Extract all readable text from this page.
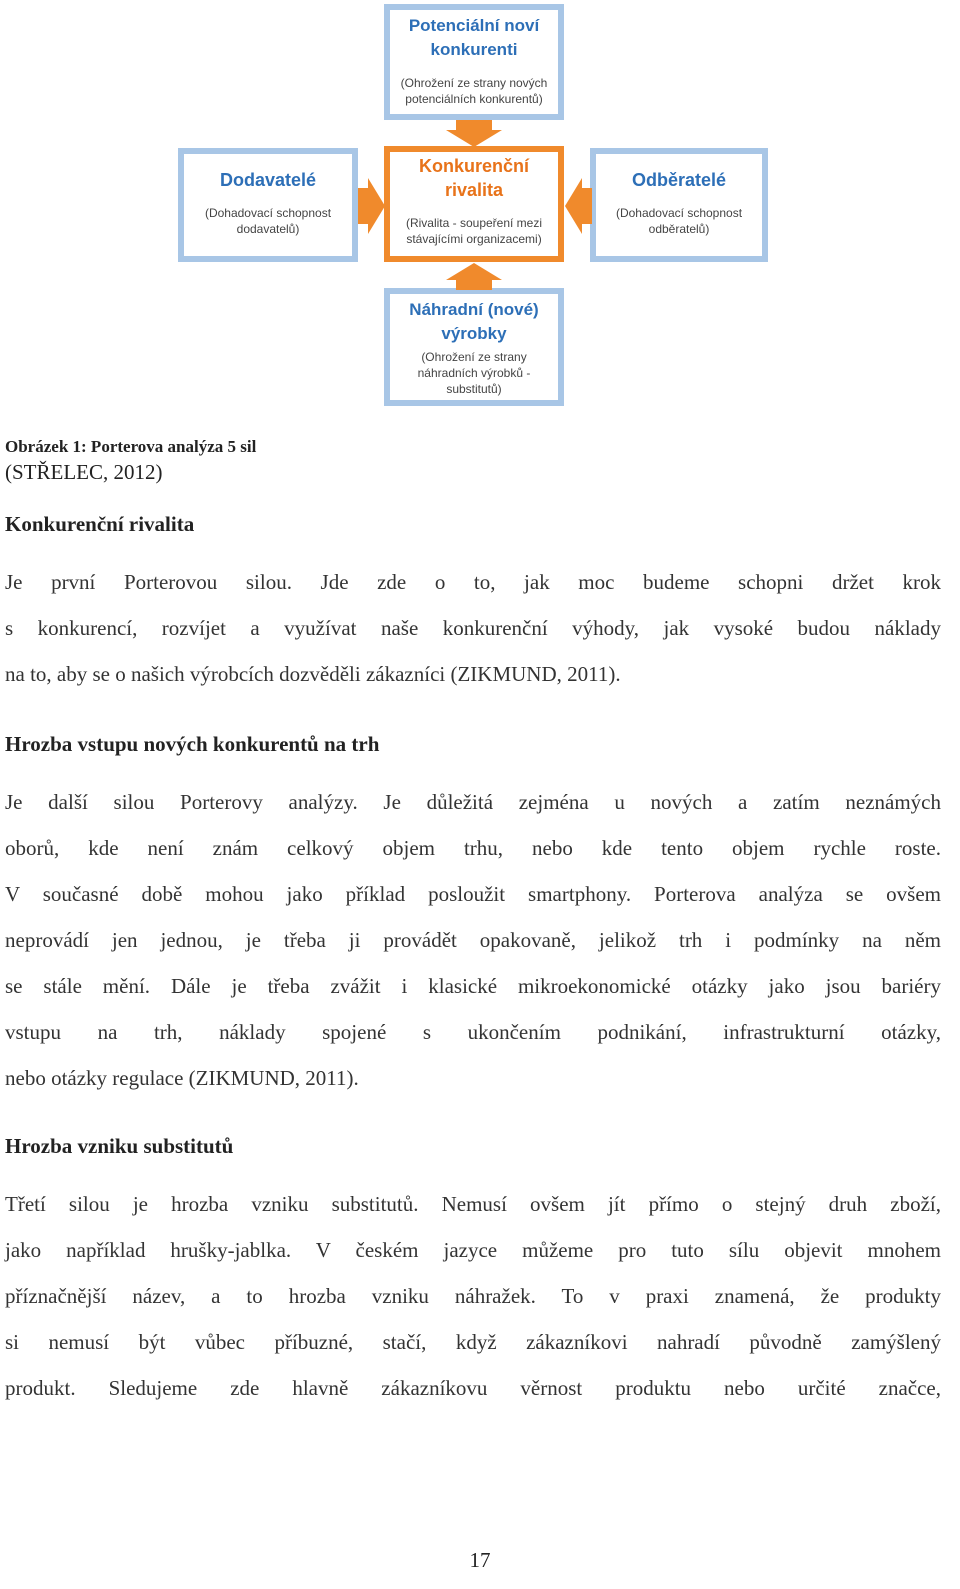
Potenciální noví
konkurenti
(Ohrožení ze strany nových
potenciálních konkurentů)
Dodavatelé
(Dohadovací schopnost
dodavatelů)
Konkurenční
rivalita
(Rivalita - soupeření mezi
stávajícími organizacemi)
Odběratelé
(Dohadovací schopnost
odběratelů)
Náhradní (nové)
výrobky
(Ohrožení ze strany
náhradních výrobků -
substitutů)
Obrázek 1: Porterova analýza 5 sil
(STŘELEC, 2012)
Konkurenční rivalita
Je první Porterovou silou. Jde zde o to, jak moc budeme schopni držet krok
s konkurencí, rozvíjet a využívat naše konkurenční výhody, jak vysoké budou náklady
na to, aby se o našich výrobcích dozvěděli zákazníci (ZIKMUND, 2011).
Hrozba vstupu nových konkurentů na trh
Je další silou Porterovy analýzy. Je důležitá zejména u nových a zatím neznámých
oborů, kde není znám celkový objem trhu, nebo kde tento objem rychle roste.
V současné době mohou jako příklad posloužit smartphony. Porterova analýza se ovšem
neprovádí jen jednou, je třeba ji provádět opakovaně, jelikož trh i podmínky na něm
se stále mění. Dále je třeba zvážit i klasické mikroekonomické otázky jako jsou bariéry
vstupu na trh, náklady spojené s ukončením podnikání, infrastrukturní otázky,
nebo otázky regulace (ZIKMUND, 2011).
Hrozba vzniku substitutů
Třetí silou je hrozba vzniku substitutů. Nemusí ovšem jít přímo o stejný druh zboží,
jako například hrušky-jablka. V českém jazyce můžeme pro tuto sílu objevit mnohem
příznačnější název, a to hrozba vzniku náhražek. To v praxi znamená, že produkty
si nemusí být vůbec příbuzné, stačí, když zákazníkovi nahradí původně zamýšlený
produkt. Sledujeme zde hlavně zákazníkovu věrnost produktu nebo určité značce,
17
